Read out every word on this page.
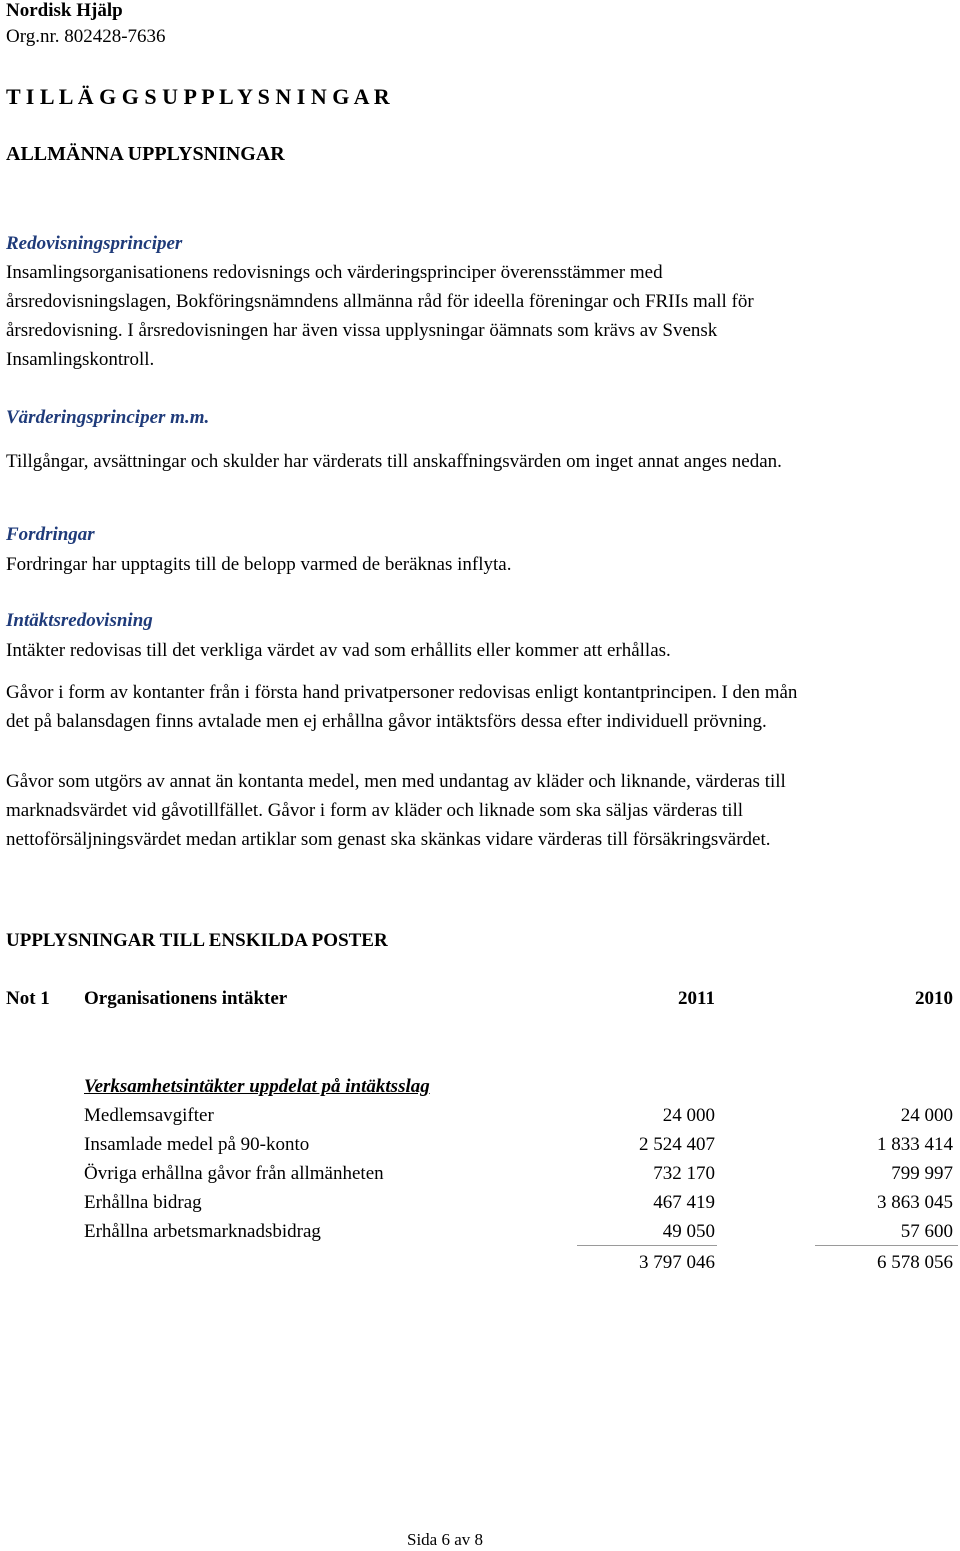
Nordisk Hjälp
Org.nr. 802428-7636
T I L L Ä G G S U P P L Y S N I N G A R
ALLMÄNNA UPPLYSNINGAR
Redovisningsprinciper
Insamlingsorganisationens redovisnings och värderingsprinciper överensstämmer med
årsredovisningslagen, Bokföringsnämndens allmänna råd för ideella föreningar och FRIIs mall för
årsredovisning. I årsredovisningen har även vissa upplysningar öämnats som krävs av Svensk
Insamlingskontroll.
Värderingsprinciper m.m.
Tillgångar, avsättningar och skulder har värderats till anskaffningsvärden om inget annat anges nedan.
Fordringar
Fordringar har upptagits till de belopp varmed de beräknas inflyta.
Intäktsredovisning
Intäkter redovisas till det verkliga värdet av vad som erhållits eller kommer att erhållas.
Gåvor i form av kontanter från i första hand privatpersoner redovisas enligt kontantprincipen. I den mån
det på balansdagen finns avtalade men ej erhållna gåvor intäktsförs dessa efter individuell prövning.
Gåvor som utgörs av annat än kontanta medel, men med undantag av kläder och liknande, värderas till
marknadsvärdet vid gåvotillfället. Gåvor i form av kläder och liknade som ska säljas värderas till
nettoförsäljningsvärdet medan artiklar som genast ska skänkas vidare värderas till försäkringsvärdet.
UPPLYSNINGAR TILL ENSKILDA POSTER
Not 1 Organisationens intäkter	2011	2010
Verksamhetsintäkter uppdelat på intäktsslag
Medlemsavgifter	24 000	24 000
Insamlade medel på 90-konto	2 524 407	1 833 414
Övriga erhållna gåvor från allmänheten	732 170	799 997
Erhållna bidrag	467 419	3 863 045
Erhållna arbetsmarknadsbidrag	49 050	57 600
3 797 046	6 578 056
Sida 6 av 8
